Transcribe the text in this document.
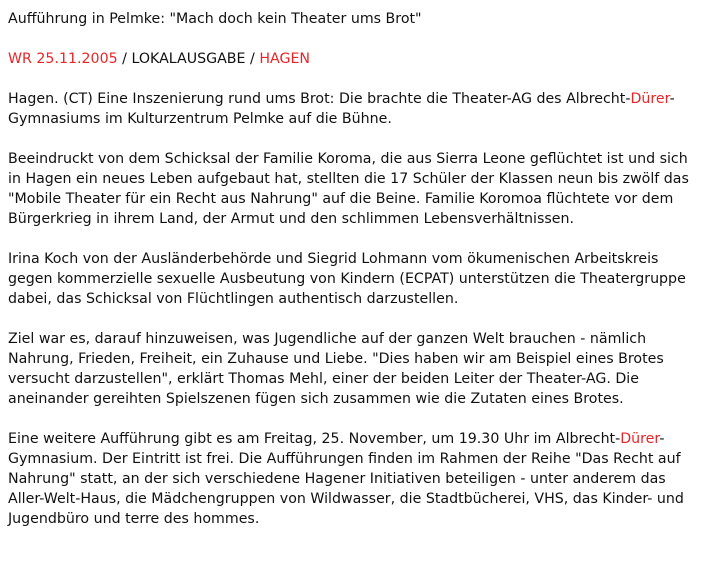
Aufführung in Pelmke: "Mach doch kein Theater ums Brot"
WR 25.11.2005 / LOKALAUSGABE / HAGEN

Hagen. (CT) Eine Inszenierung rund ums Brot: Die brachte die Theater-AG des Albrecht-Dürer-Gymnasiums im Kulturzentrum Pelmke auf die Bühne.

Beeindruckt von dem Schicksal der Familie Koroma, die aus Sierra Leone geflüchtet ist und sich in Hagen ein neues Leben aufgebaut hat, stellten die 17 Schüler der Klassen neun bis zwölf das "Mobile Theater für ein Recht aus Nahrung" auf die Beine. Familie Koromoa flüchtete vor dem Bürgerkrieg in ihrem Land, der Armut und den schlimmen Lebensverhältnissen.

Irina Koch von der Ausländerbehörde und Siegrid Lohmann vom ökumenischen Arbeitskreis gegen kommerzielle sexuelle Ausbeutung von Kindern (ECPAT) unterstützen die Theatergruppe dabei, das Schicksal von Flüchtlingen authentisch darzustellen.

Ziel war es, darauf hinzuweisen, was Jugendliche auf der ganzen Welt brauchen - nämlich Nahrung, Frieden, Freiheit, ein Zuhause und Liebe. "Dies haben wir am Beispiel eines Brotes versucht darzustellen", erklärt Thomas Mehl, einer der beiden Leiter der Theater-AG. Die aneinander gereihten Spielszenen fügen sich zusammen wie die Zutaten eines Brotes.

Eine weitere Aufführung gibt es am Freitag, 25. November, um 19.30 Uhr im Albrecht-Dürer-Gymnasium. Der Eintritt ist frei. Die Aufführungen finden im Rahmen der Reihe "Das Recht auf Nahrung" statt, an der sich verschiedene Hagener Initiativen beteiligen - unter anderem das Aller-Welt-Haus, die Mädchengruppen von Wildwasser, die Stadtbücherei, VHS, das Kinder- und Jugendbüro und terre des hommes.
